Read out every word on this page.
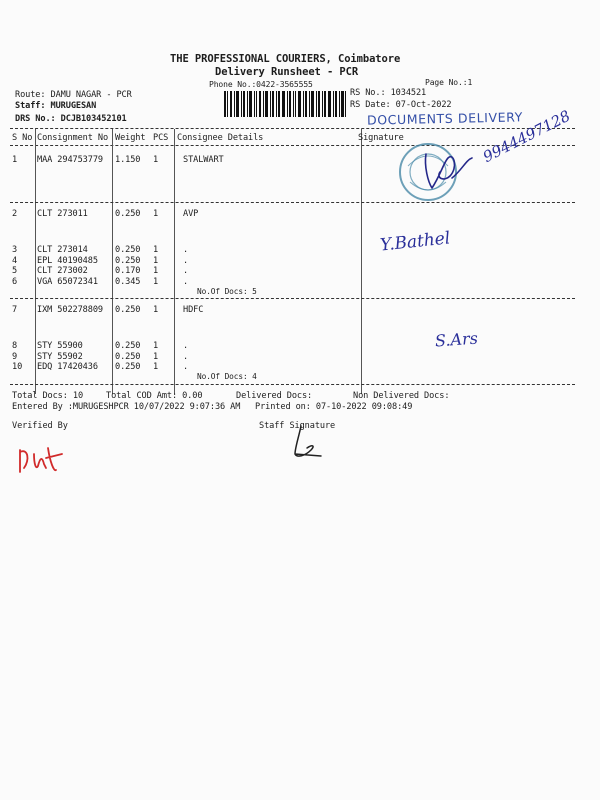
THE PROFESSIONAL COURIERS, Coimbatore
Delivery Runsheet - PCR
Phone No.:0422-3565555	Page No.:1
Route: DAMU NAGAR - PCR
Staff: MURUGESAN
DRS No.: DCJB103452101
RS No.: 1034521
RS Date: 07-Oct-2022
DOCUMENTS DELIVERY
S No Consignment No Weight PCS Consignee Details	Signature
1 MAA 294753779 1.150 1	STALWART
2 CLT 273011	0.250 1	AVP
3 CLT 273014	0.250 1	.
4 EPL 40190485 0.250 1	.
5 CLT 273002	0.170 1	.
6 VGA 65072341 0.345 1	.
No.Of Docs: 5
7 IXM 502278809 0.250 1	HDFC
8 STY 55900	0.250 1	.
9 STY 55902	0.250 1	.
10 EDQ 17420436 0.250 1	.
No.Of Docs: 4
9944497128
Y.Bathel
S.Ars
Total Docs: 10	Total COD Amt: 0.00	Delivered Docs:	Non Delivered Docs:
Entered By :MURUGESHPCR 10/07/2022 9:07:36 AM Printed on: 07-10-2022 09:08:49
Verified By	Staff Signature
